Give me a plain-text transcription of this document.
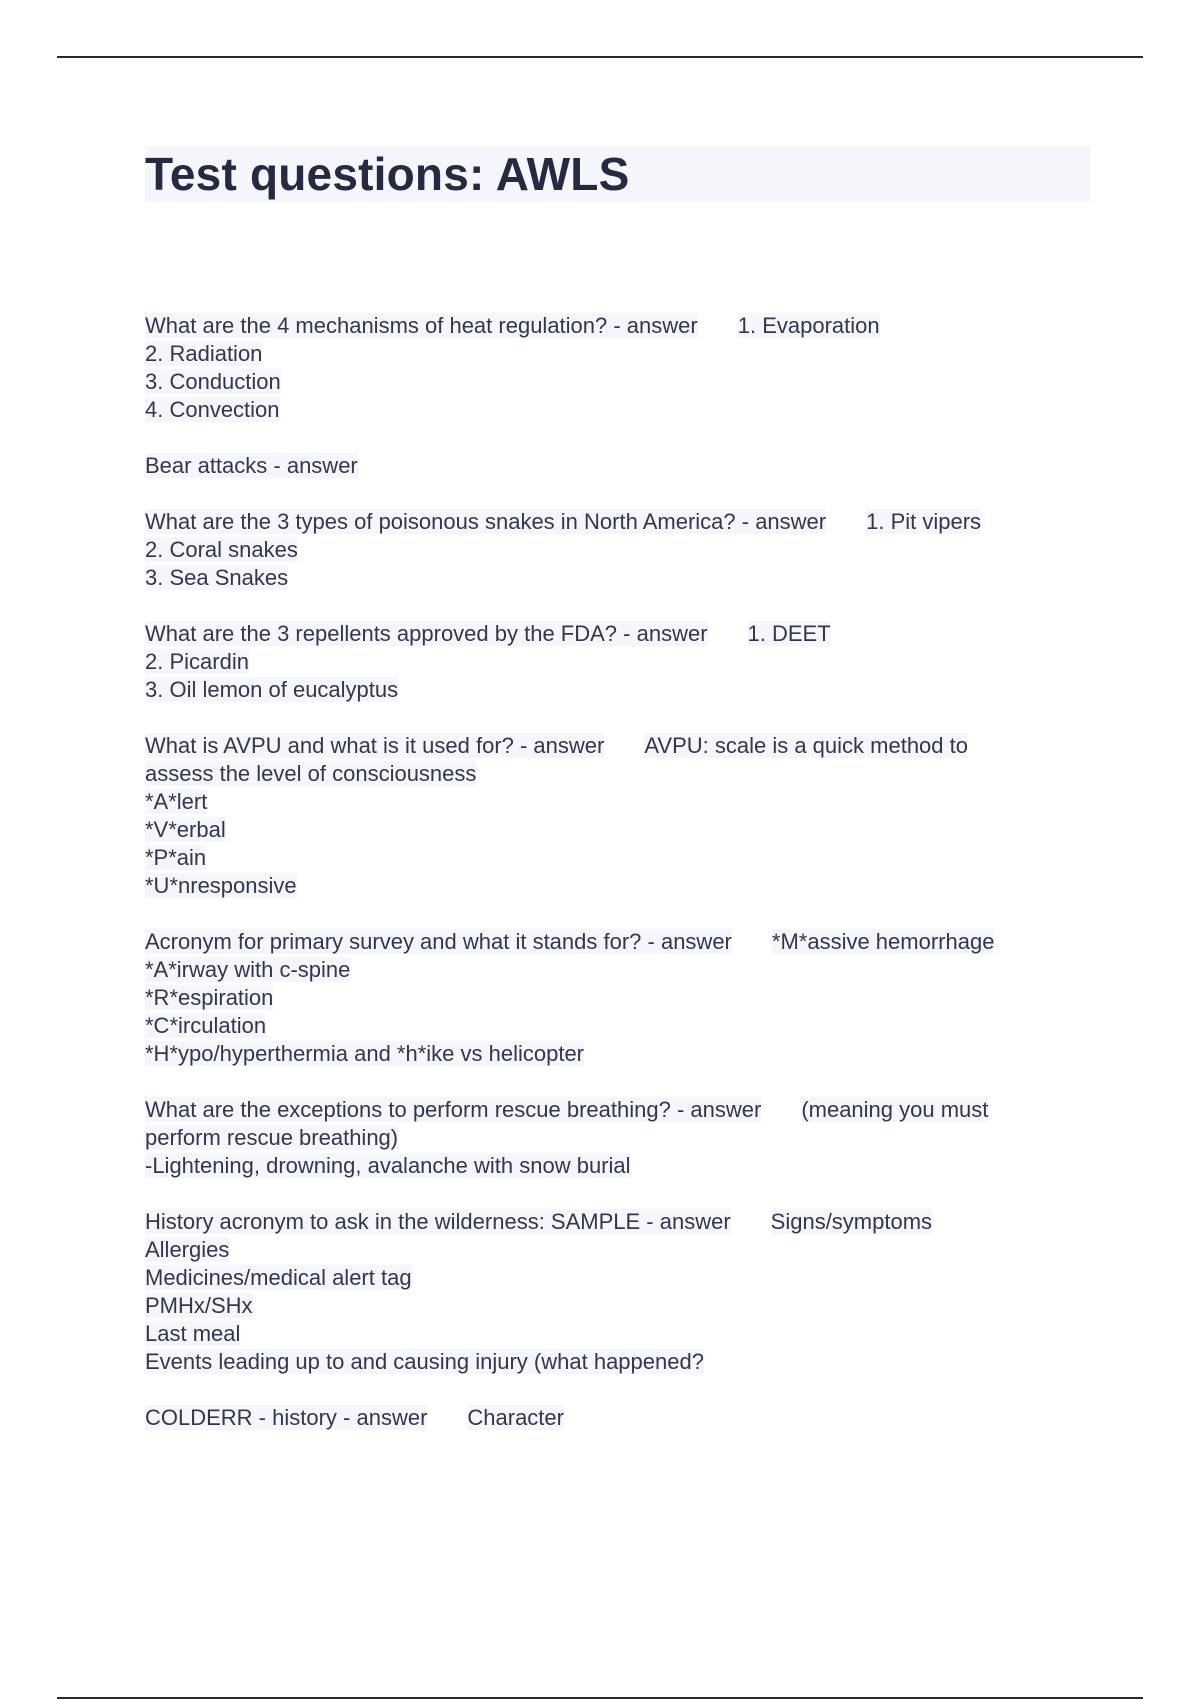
Test questions: AWLS
What are the 4 mechanisms of heat regulation? - answer 1. Evaporation
2. Radiation
3. Conduction
4. Convection
Bear attacks - answer
What are the 3 types of poisonous snakes in North America? - answer 1. Pit vipers
2. Coral snakes
3. Sea Snakes
What are the 3 repellents approved by the FDA? - answer 1. DEET
2. Picardin
3. Oil lemon of eucalyptus
What is AVPU and what is it used for? - answer AVPU: scale is a quick method to
assess the level of consciousness
*A*lert
*V*erbal
*P*ain
*U*nresponsive
Acronym for primary survey and what it stands for? - answer *M*assive hemorrhage
*A*irway with c-spine
*R*espiration
*C*irculation
*H*ypo/hyperthermia and *h*ike vs helicopter
What are the exceptions to perform rescue breathing? - answer (meaning you must
perform rescue breathing)
-Lightening, drowning, avalanche with snow burial
History acronym to ask in the wilderness: SAMPLE - answer Signs/symptoms
Allergies
Medicines/medical alert tag
PMHx/SHx
Last meal
Events leading up to and causing injury (what happened?
COLDERR - history - answer Character
